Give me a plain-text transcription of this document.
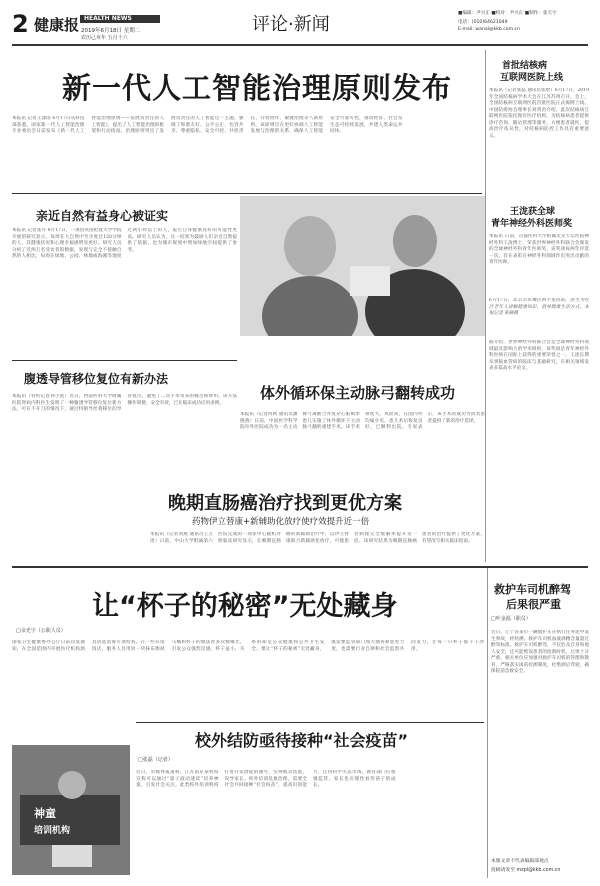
2 健康报 HEALTH NEWS
2019年6月18日 星期二
农历己亥年 五月十六
评论·新闻
■编辑：尹兴正 ■校对：尹兴正 ■制作：张天宇
电话：(010)64621049
E-mail: wanal@kkb.com.cn
新一代人工智能治理原则发布
本报讯 记者王潇雨 6月17日从科技部获悉，国家新一代人工智能治理专业委员会日前发布《新一代人工智能治理原则——发展负责任的人工智能》，提出了人工智能治理的框架和行动指南。治理原则突出了发展负责任的人工智能这一主题，强调了和谐友好、公平公正、包容共享、尊重隐私、安全可控、共担责任、开放协作、敏捷治理等八条原则。该原则旨在更好协调人工智能发展与治理的关系，确保人工智能安全可靠可控，推动经济、社会及生态可持续发展，共建人类命运共同体。
首批结核病
互联网医院上线
本报讯（记者张磊 通讯员张晗）6月17日，2019年全国结核病学术大会在江苏苏州召开。会上，全国结核病互联网医院首批医院正式揭牌上线。中国防痨协会理事长刘剑君介绍，此次结核病互联网医院依托现有医疗机构，为结核病患者提供诊疗咨询、随访管理等服务，方便患者就医，提高治疗依从性，对结核病防控工作具有重要意义。
王泷获全球
青年神经外科医师奖
本报讯 日前，首都医科大学附属北京天坛医院神经外科王泷博士，荣获世界神经外科联合会颁发的全球神经外科青年医师奖。该奖项每两年评选一次，旨在表彰在神经外科领域作出突出贡献的青年医师。
6月17日，北京市东城区和平里医院，医生为社区老年人讲解健康知识，倡导健康生活方式。本报记者 张赫摄
据介绍，世界神经外科联合会是全球神经外科领域最具影响力的学术组织，该奖项是青年神经外科医师在国际上获得的重要荣誉之一。王泷长期从事脑血管病的临床与基础研究，在相关领域发表多篇高水平论文。
亲近自然有益身心被证实
本报讯 记者张丹 6月17日，一项由英国伦敦大学学院开展的研究显示，每周在大自然中至少度过120分钟的人，其健康状况和心理幸福感明显更好。研究人员分析了近两万名受访者的数据，发现与完全不接触自然的人相比，每周在绿地、公园、林地或海滩等地度过两小时以上的人，报告自身健康良好的可能性更高。研究人员认为，这一结果为鼓励人们亲近自然提供了依据，也为城市规划中增加绿地空间提供了参考。
腹透导管移位复位有新办法
本报讯（特约记者孙小虎）近日，西南医科大学附属医院肾病内科医生发明了一种腹透导管移位复位新方法，可在不开刀的情况下，通过特制导丝将移位的导管复位，避免了二次手术带来的痛苦和费用。该方法操作简便、安全有效，已在临床成功应用多例。
体外循环保主动脉弓翻转成功
本报讯（记者何秋 通讯员潘晓燕）日前，中国医学科学院阜外医院成功为一名主动脉弓离断合并复杂心脏畸形患儿实施了体外循环下主动脉弓翻转重建手术。该手术难度大、风险高，在国内外均属少见。患儿术后恢复良好，已顺利出院。专家表示，该手术的成功为同类患者提供了新的治疗选择。
晚期直肠癌治疗找到更优方案
药物伊立替康+新辅助化放疗使疗效提升近一倍
本报讯（记者刘燕 通讯员王万清）日前，中山大学附属第六医院完成的一项多中心随机对照临床研究显示，在晚期直肠癌的新辅助治疗中，以伊立替康联合新辅助化放疗，可使患者病理完全缓解率提升近一倍。该研究结果为晚期直肠癌患者的治疗提供了更优方案，有望改写相关临床指南。
让“杯子的秘密”无处藏身
□余光宇（公职人员）
国家卫生健康委办公厅日前印发通知，在全国范围内开展医疗机构酒具清洗消毒专项检查。在一些宾馆饭店，服务人员用同一块抹布擦拭马桶和杯子的做法曾多次被曝光，引发公众强烈反感。杯子虽小，关系的却是公众健康和公共卫生安全。要让“杯子的秘密”无处藏身，既需要监管部门加大抽查和惩处力度，也需要行业自律和社会监督共同发力，让每一只杯子都干干净净。
神童
培训机构
校外结防亟待接种“社会疫苗”
□张磊（记者）
近日，有媒体报道称，江苏南京某机构宣称可以通过“量子波动速读”培养神童，引发社会关注。此类校外培训机构打着开发潜能的旗号，实则贩卖焦虑，误导家长。校外培训乱象治理，需要全社会共同接种“社会疫苗”，提高识别能力，让伪科学失去市场。教育部门应加强监管，家长也应理性看待孩子的成长。
救护车司机醉驾
后果很严重
□叶金福（职员）
近日，辽宁省某市一辆救护车在执行任务途中发生事故，经检测，救护车司机血液酒精含量超过醉驾标准。救护车司机醉驾，不仅危及自身和他人安全，还可能贻误患者的抢救时机，后果十分严重。相关单位应加强对救护车司机的管理和教育，严格落实岗前检测制度，杜绝酒后驾驶，确保院前急救安全。
本版文章不代表编辑部观点
投稿请发至 mzpl@kkb.com.cn
